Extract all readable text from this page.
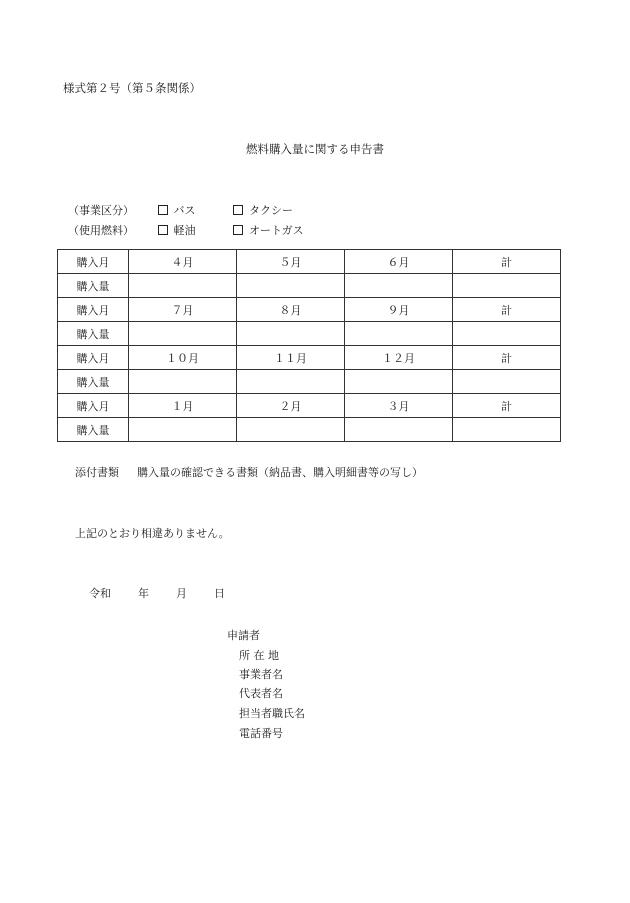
様式第２号（第５条関係）
燃料購入量に関する申告書
（事業区分）	バス	タクシー
（使用燃料）	軽油	オートガス
購入月	４月	５月	６月	計
購入量				
購入月	７月	８月	９月	計
購入量				
購入月	１０月	１１月	１２月	計
購入量				
購入月	１月	２月	３月	計
購入量				
添付書類 購入量の確認できる書類（納品書、購入明細書等の写し）
上記のとおり相違ありません。
令和 年 月 日
申請者
所 在 地
事業者名
代表者名
担当者職氏名
電話番号
